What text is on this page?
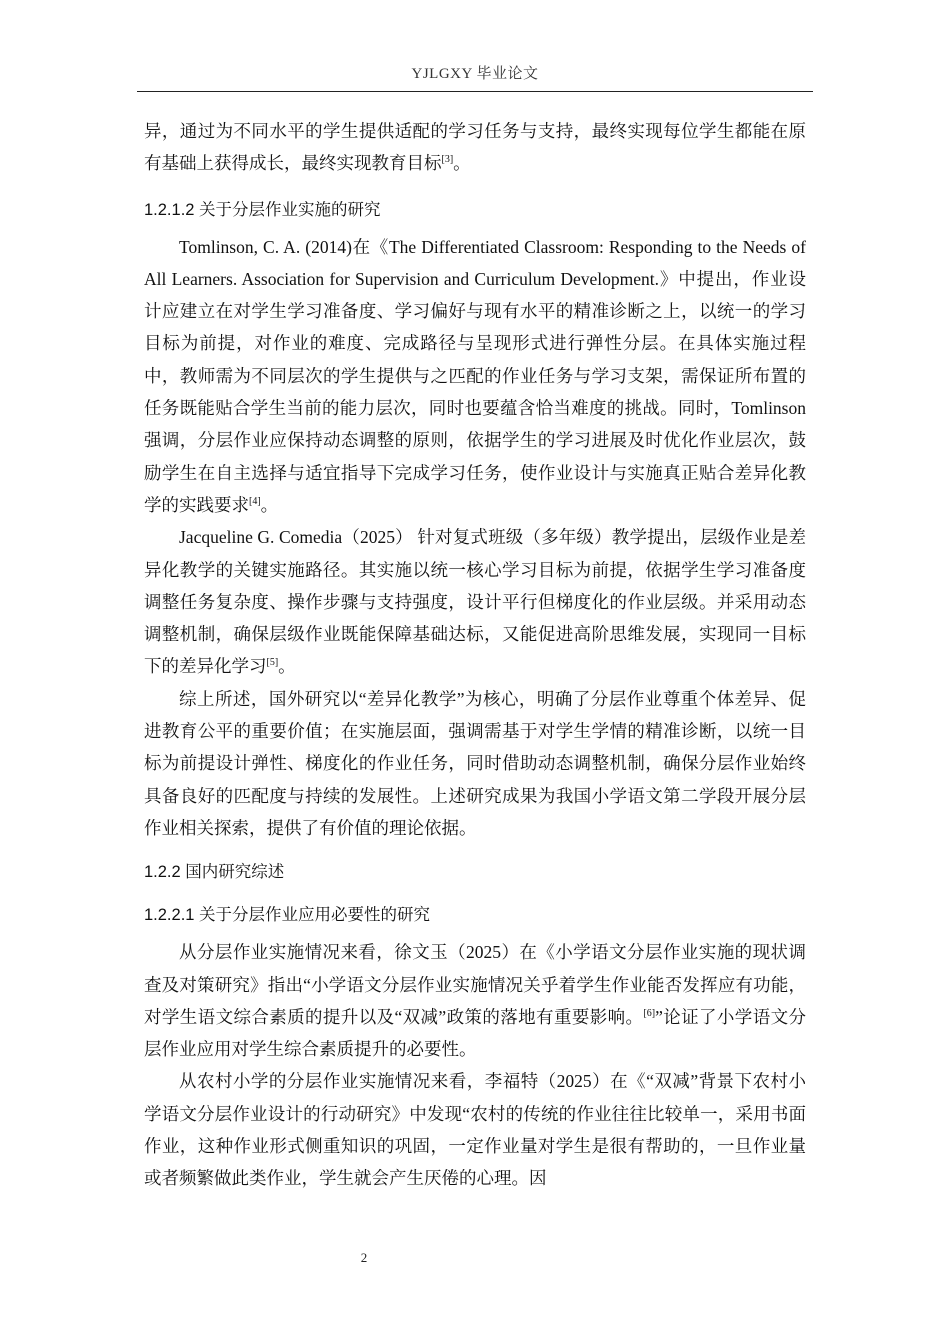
YJLGXY 毕业论文

异，通过为不同水平的学生提供适配的学习任务与支持，最终实现每位学生都能在原有基础上获得成长，最终实现教育目标[3]。

1.2.1.2 关于分层作业实施的研究

Tomlinson, C. A. (2014)在《The Differentiated Classroom: Responding to the Needs of All Learners. Association for Supervision and Curriculum Development.》中提出，作业设计应建立在对学生学习准备度、学习偏好与现有水平的精准诊断之上，以统一的学习目标为前提，对作业的难度、完成路径与呈现形式进行弹性分层。在具体实施过程中，教师需为不同层次的学生提供与之匹配的作业任务与学习支架，需保证所布置的任务既能贴合学生当前的能力层次，同时也要蕴含恰当难度的挑战。同时，Tomlinson 强调，分层作业应保持动态调整的原则，依据学生的学习进展及时优化作业层次，鼓励学生在自主选择与适宜指导下完成学习任务，使作业设计与实施真正贴合差异化教学的实践要求[4]。

Jacqueline G. Comedia（2025） 针对复式班级（多年级）教学提出，层级作业是差异化教学的关键实施路径。其实施以统一核心学习目标为前提，依据学生学习准备度调整任务复杂度、操作步骤与支持强度，设计平行但梯度化的作业层级。并采用动态调整机制，确保层级作业既能保障基础达标，又能促进高阶思维发展，实现同一目标下的差异化学习[5]。

综上所述，国外研究以“差异化教学”为核心，明确了分层作业尊重个体差异、促进教育公平的重要价值；在实施层面，强调需基于对学生学情的精准诊断，以统一目标为前提设计弹性、梯度化的作业任务，同时借助动态调整机制，确保分层作业始终具备良好的匹配度与持续的发展性。上述研究成果为我国小学语文第二学段开展分层作业相关探索，提供了有价值的理论依据。

1.2.2 国内研究综述
1.2.2.1 关于分层作业应用必要性的研究

从分层作业实施情况来看，徐文玉（2025）在《小学语文分层作业实施的现状调查及对策研究》指出“小学语文分层作业实施情况关乎着学生作业能否发挥应有功能，对学生语文综合素质的提升以及“双减”政策的落地有重要影响。[6]”论证了小学语文分层作业应用对学生综合素质提升的必要性。

从农村小学的分层作业实施情况来看，李福特（2025）在《“双减”背景下农村小学语文分层作业设计的行动研究》中发现“农村的传统的作业往往比较单一，采用书面作业，这种作业形式侧重知识的巩固，一定作业量对学生是很有帮助的，一旦作业量或者频繁做此类作业，学生就会产生厌倦的心理。因

2
